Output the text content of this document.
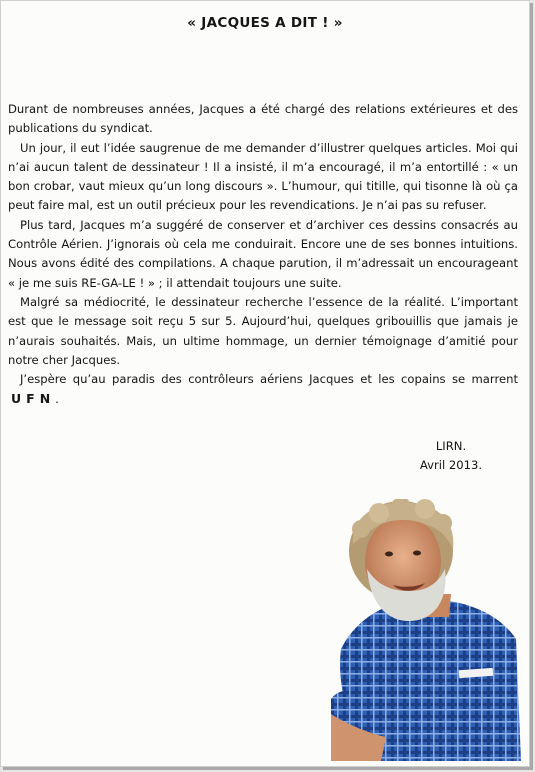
« JACQUES A DIT ! »

Durant de nombreuses années, Jacques a été chargé des relations extérieures et des publications du syndicat.

Un jour, il eut l’idée saugrenue de me demander d’illustrer quelques articles. Moi qui n’ai aucun talent de dessinateur ! Il a insisté, il m’a encouragé, il m’a entortillé : « un bon crobar, vaut mieux qu’un long discours ». L’humour, qui titille, qui tisonne là où ça peut faire mal, est un outil précieux pour les revendications. Je n’ai pas su refuser.

Plus tard, Jacques m’a suggéré de conserver et d’archiver ces dessins consacrés au Contrôle Aérien. J’ignorais où cela me conduirait. Encore une de ses bonnes intuitions. Nous avons édité des compilations. A chaque parution, il m’adressait un encourageant « je me suis RE-GA-LE ! » ; il attendait toujours une suite.

Malgré sa médiocrité, le dessinateur recherche l’essence de la réalité. L’important est que le message soit reçu 5 sur 5. Aujourd’hui, quelques gribouillis que jamais je n’aurais souhaités. Mais, un ultime hommage, un dernier témoignage d’amitié pour notre cher Jacques.

J’espère qu’au paradis des contrôleurs aériens Jacques et les copains se marrent UFN.

LIRN.
Avril 2013.
